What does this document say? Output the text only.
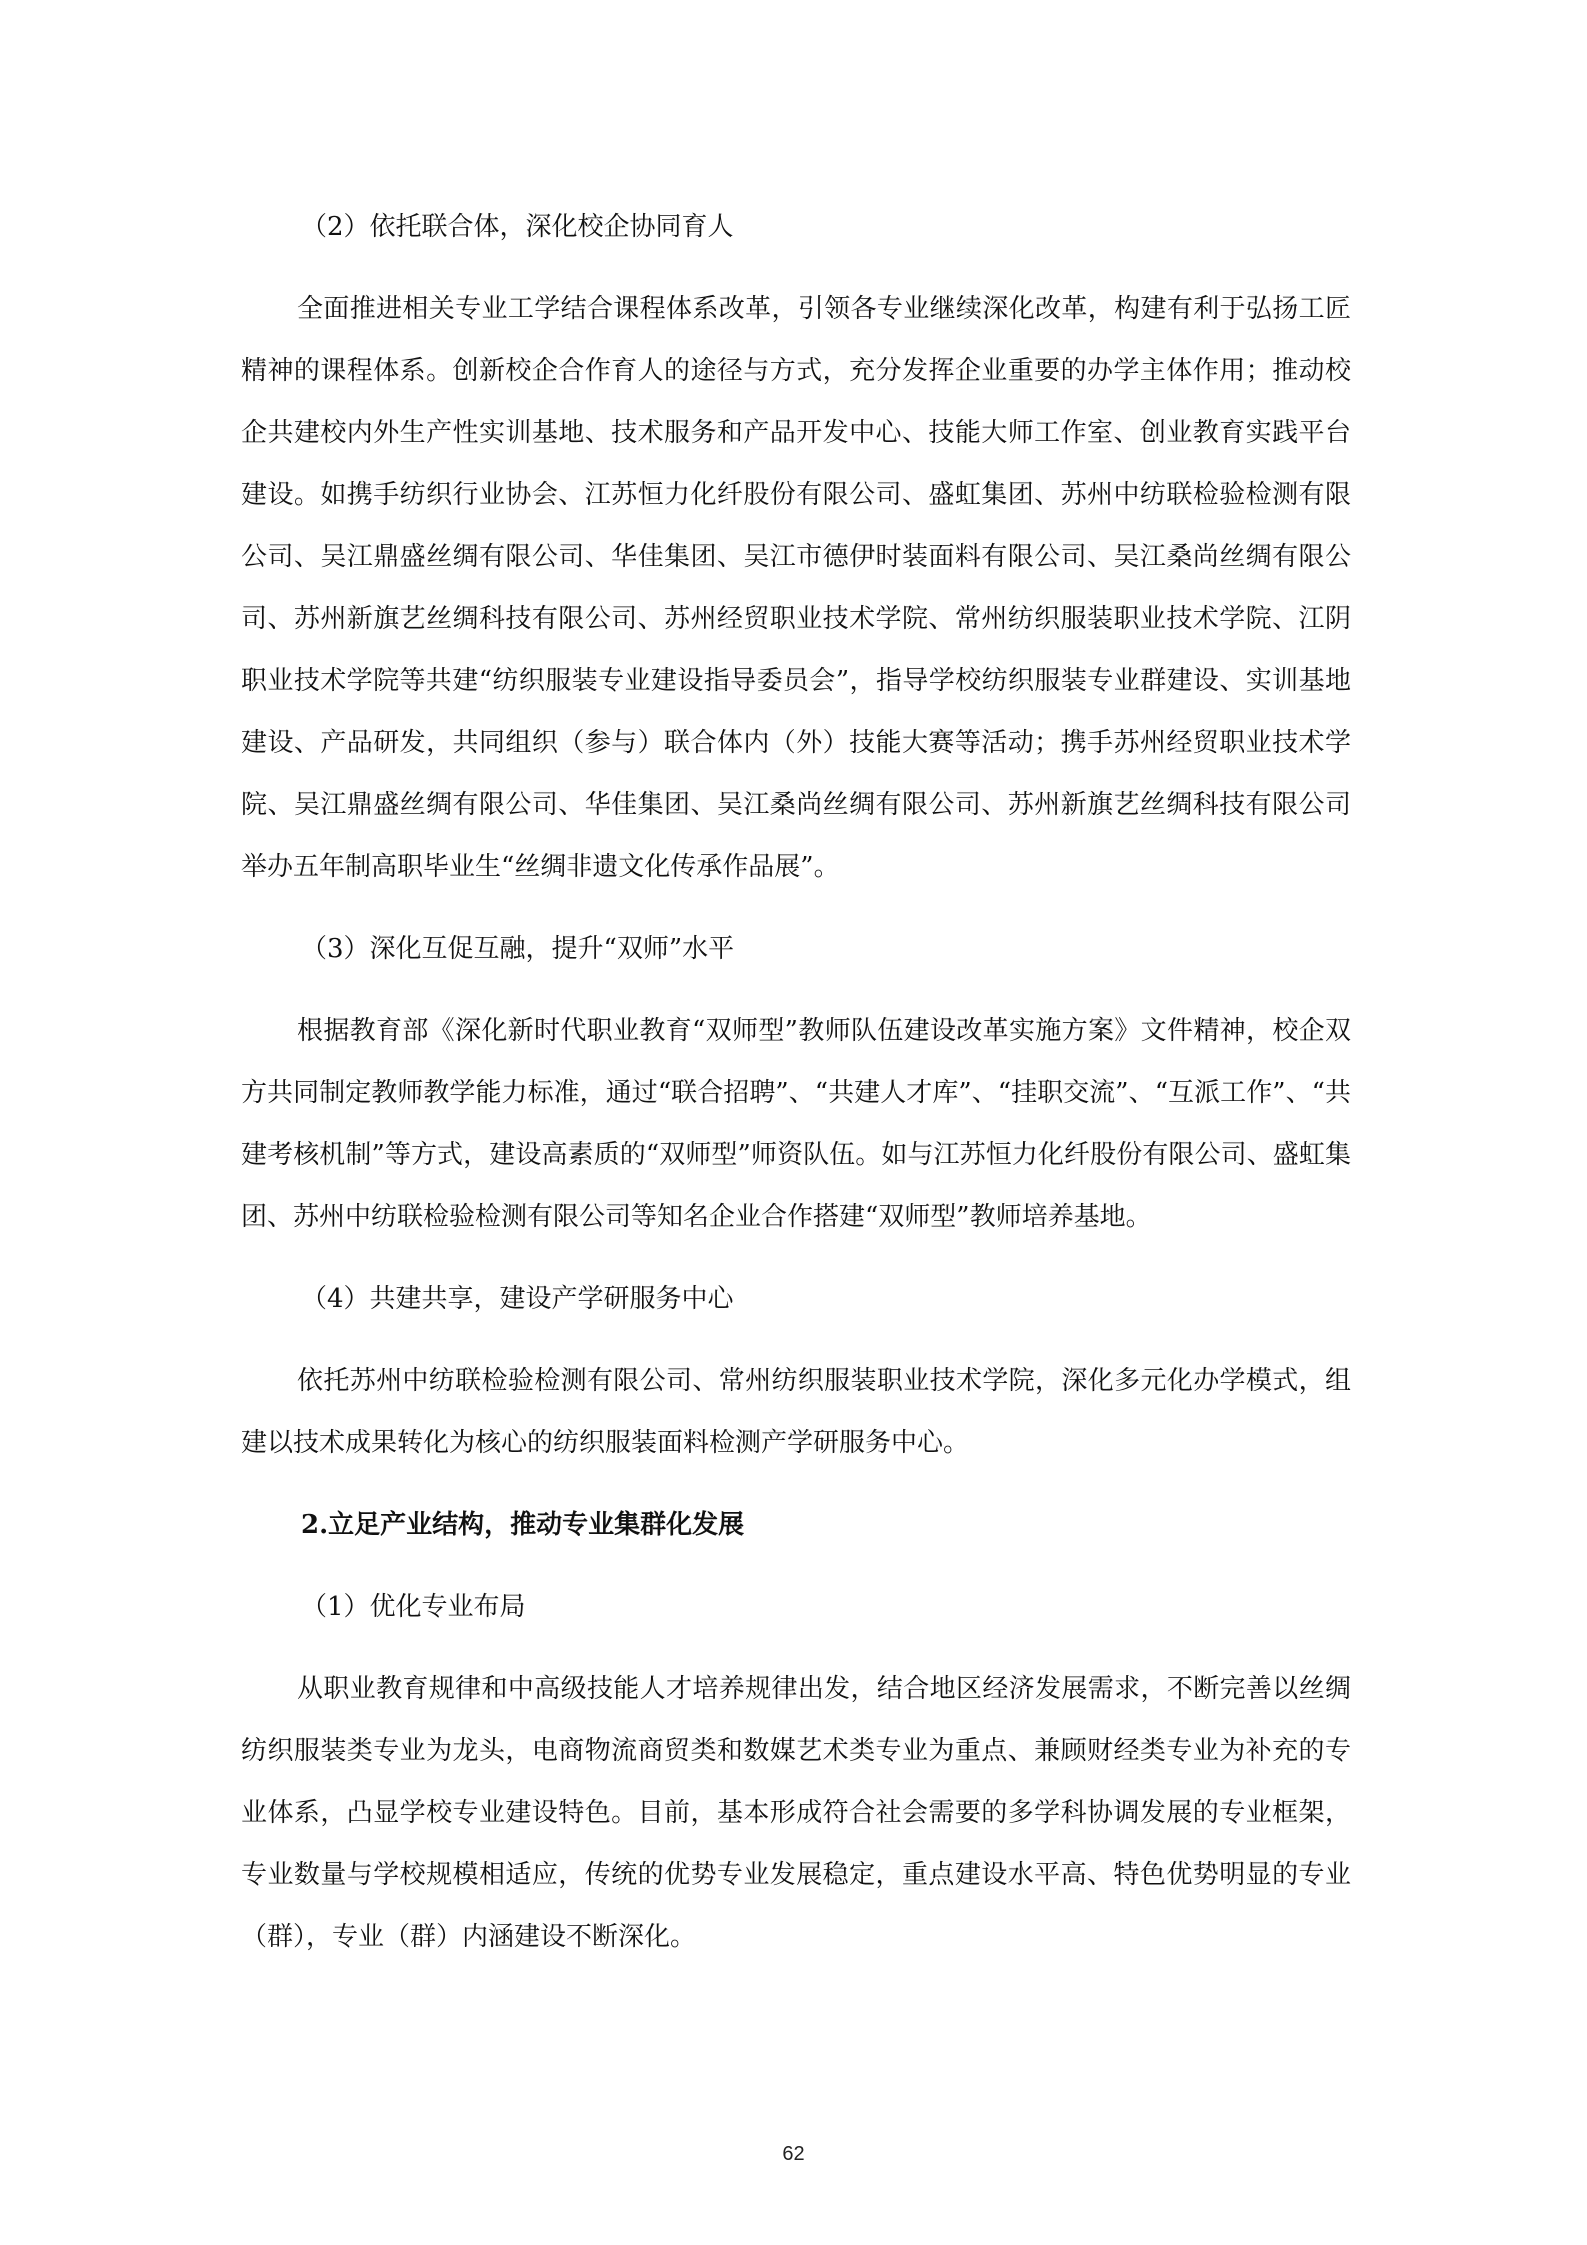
（2）依托联合体，深化校企协同育人

全面推进相关专业工学结合课程体系改革，引领各专业继续深化改革，构建有利于弘扬工匠精神的课程体系。创新校企合作育人的途径与方式，充分发挥企业重要的办学主体作用；推动校企共建校内外生产性实训基地、技术服务和产品开发中心、技能大师工作室、创业教育实践平台建设。如携手纺织行业协会、江苏恒力化纤股份有限公司、盛虹集团、苏州中纺联检验检测有限公司、吴江鼎盛丝绸有限公司、华佳集团、吴江市德伊时装面料有限公司、吴江桑尚丝绸有限公司、苏州新旗艺丝绸科技有限公司、苏州经贸职业技术学院、常州纺织服装职业技术学院、江阴职业技术学院等共建“纺织服装专业建设指导委员会”，指导学校纺织服装专业群建设、实训基地建设、产品研发，共同组织（参与）联合体内（外）技能大赛等活动；携手苏州经贸职业技术学院、吴江鼎盛丝绸有限公司、华佳集团、吴江桑尚丝绸有限公司、苏州新旗艺丝绸科技有限公司举办五年制高职毕业生“丝绸非遗文化传承作品展”。

（3）深化互促互融，提升“双师”水平

根据教育部《深化新时代职业教育“双师型”教师队伍建设改革实施方案》文件精神，校企双方共同制定教师教学能力标准，通过“联合招聘”、“共建人才库”、“挂职交流”、“互派工作”、“共建考核机制”等方式，建设高素质的“双师型”师资队伍。如与江苏恒力化纤股份有限公司、盛虹集团、苏州中纺联检验检测有限公司等知名企业合作搭建“双师型”教师培养基地。

（4）共建共享，建设产学研服务中心

依托苏州中纺联检验检测有限公司、常州纺织服装职业技术学院，深化多元化办学模式，组建以技术成果转化为核心的纺织服装面料检测产学研服务中心。

2.立足产业结构，推动专业集群化发展
（1）优化专业布局

从职业教育规律和中高级技能人才培养规律出发，结合地区经济发展需求，不断完善以丝绸纺织服装类专业为龙头，电商物流商贸类和数媒艺术类专业为重点、兼顾财经类专业为补充的专业体系，凸显学校专业建设特色。目前，基本形成符合社会需要的多学科协调发展的专业框架，专业数量与学校规模相适应，传统的优势专业发展稳定，重点建设水平高、特色优势明显的专业（群），专业（群）内涵建设不断深化。

62
